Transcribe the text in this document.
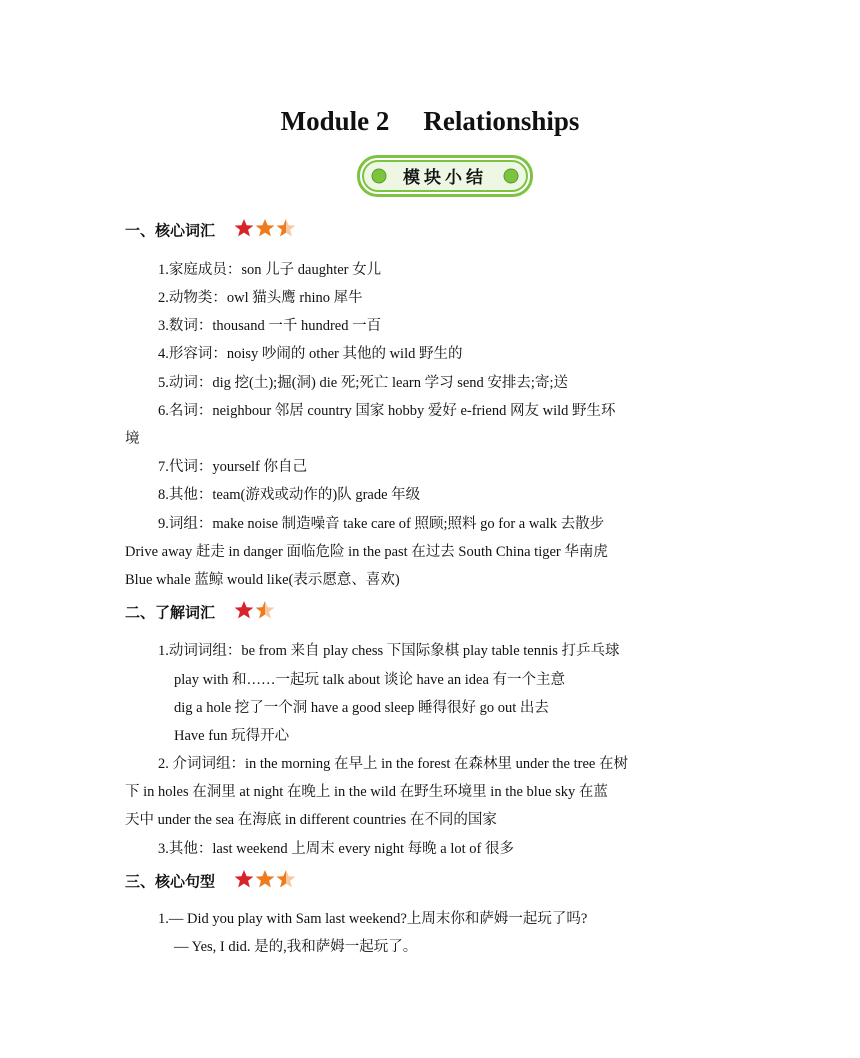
Module 2 Relationships
模块小结
一、核心词汇
1.家庭成员：son 儿子 daughter 女儿
2.动物类：owl 猫头鹰 rhino 犀牛
3.数词：thousand 一千 hundred 一百
4.形容词：noisy 吵闹的 other 其他的 wild 野生的
5.动词：dig 挖(土);掘(洞) die 死;死亡 learn 学习 send 安排去;寄;送
6.名词：neighbour 邻居 country 国家 hobby 爱好 e-friend 网友 wild 野生环
境
7.代词：yourself 你自己
8.其他：team(游戏或动作的)队 grade 年级
9.词组：make noise 制造噪音 take care of 照顾;照料 go for a walk 去散步
Drive away 赶走 in danger 面临危险 in the past 在过去 South China tiger 华南虎
Blue whale 蓝鲸 would like(表示愿意、喜欢)
二、了解词汇
1.动词词组：be from 来自 play chess 下国际象棋 play table tennis 打乒乓球
play with 和……一起玩 talk about 谈论 have an idea 有一个主意
dig a hole 挖了一个洞 have a good sleep 睡得很好 go out 出去
Have fun 玩得开心
2. 介词词组：in the morning 在早上 in the forest 在森林里 under the tree 在树
下 in holes 在洞里 at night 在晚上 in the wild 在野生环境里 in the blue sky 在蓝
天中 under the sea 在海底 in different countries 在不同的国家
3.其他：last weekend 上周末 every night 每晚 a lot of 很多
三、核心句型
1.— Did you play with Sam last weekend?上周末你和萨姆一起玩了吗?
— Yes, I did. 是的,我和萨姆一起玩了。
